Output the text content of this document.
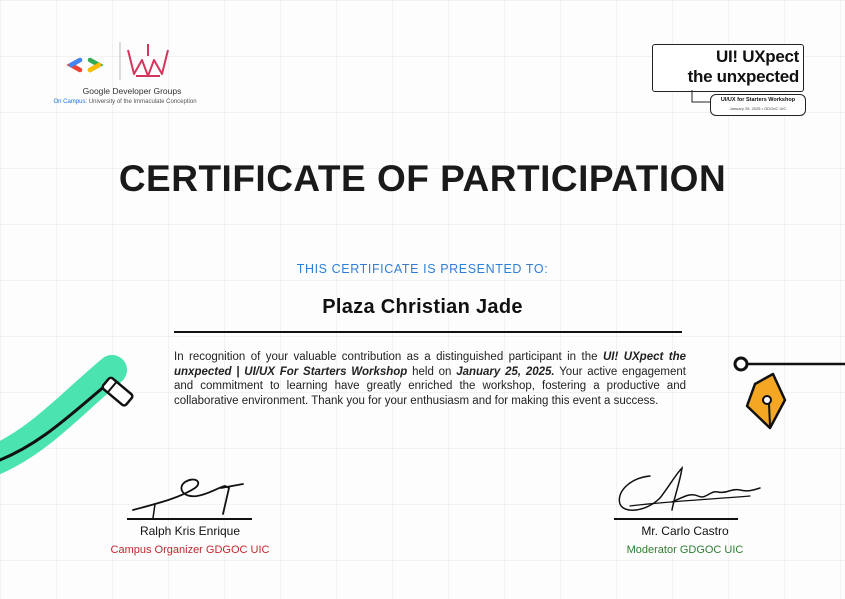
Google Developer Groups
On Campus: University of the Immaculate Conception
UI! UXpect
the unxpected
UI/UX for Starters Workshop
January 25, 2025 • GDGoC UIC
CERTIFICATE OF PARTICIPATION
THIS CERTIFICATE IS PRESENTED TO:
Plaza Christian Jade
In recognition of your valuable contribution as a distinguished participant in the UI! UXpect the unxpected | UI/UX For Starters Workshop held on January 25, 2025. Your active engagement and commitment to learning have greatly enriched the workshop, fostering a productive and collaborative environment. Thank you for your enthusiasm and for making this event a success.
Ralph Kris Enrique
Campus Organizer GDGOC UIC
Mr. Carlo Castro
Moderator GDGOC UIC
